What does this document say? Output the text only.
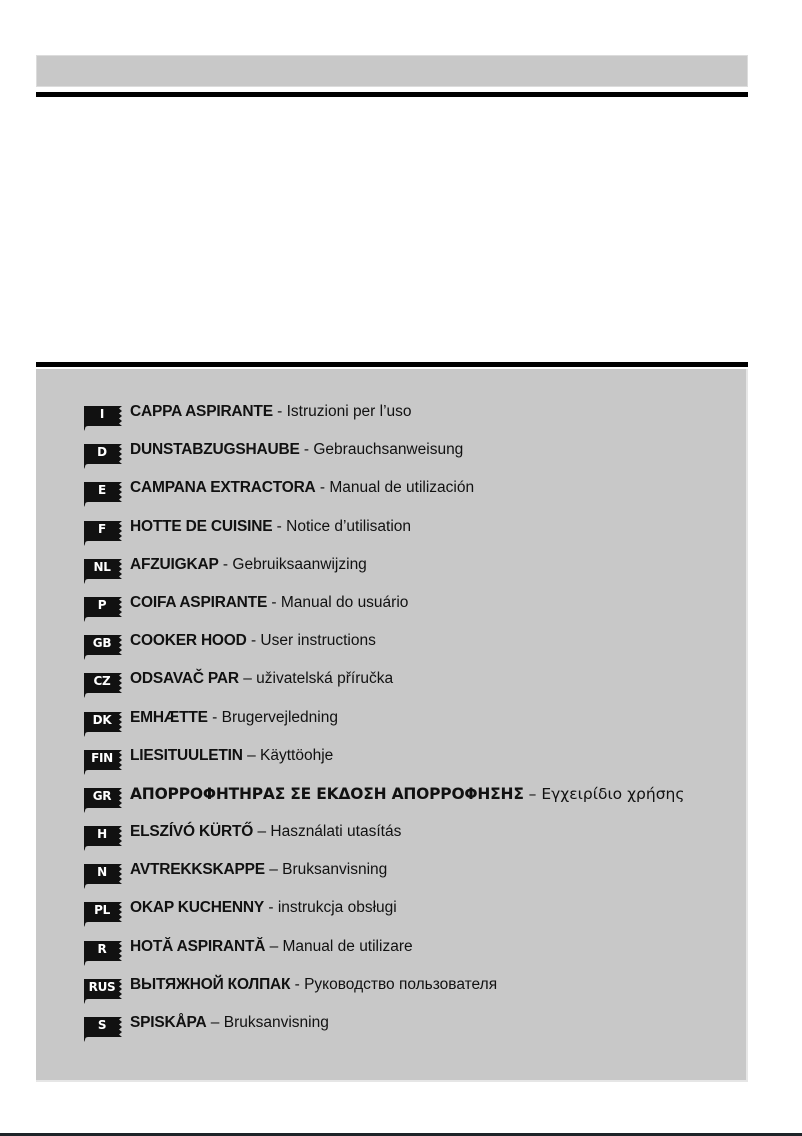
I	CAPPA ASPIRANTE - Istruzioni per l’uso
D	DUNSTABZUGSHAUBE - Gebrauchsanweisung
E	CAMPANA EXTRACTORA - Manual de utilización
F	HOTTE DE CUISINE - Notice d’utilisation
NL	AFZUIGKAP - Gebruiksaanwijzing
P	COIFA ASPIRANTE - Manual do usuário
GB	COOKER HOOD - User instructions
CZ	ODSAVAČ PAR – uživatelská příručka
DK	EMHÆTTE - Brugervejledning
FIN	LIESITUULETIN – Käyttöohje
GR	ΑΠΟΡΡΟΦΗΤΗΡΑΣ ΣΕ ΕΚΔΟΣΗ ΑΠΟΡΡΟΦΗΣΗΣ – Εγχειρίδιο χρήσης
H	ELSZÍVÓ KÜRTŐ – Használati utasítás
N	AVTREKKSKAPPE – Bruksanvisning
PL	OKAP KUCHENNY - instrukcja obsługi
R	HOTĂ ASPIRANTĂ – Manual de utilizare
RUS ВЫТЯЖНОЙ КОЛПАК - Руководство пользователя
S	SPISKÅPA – Bruksanvisning
